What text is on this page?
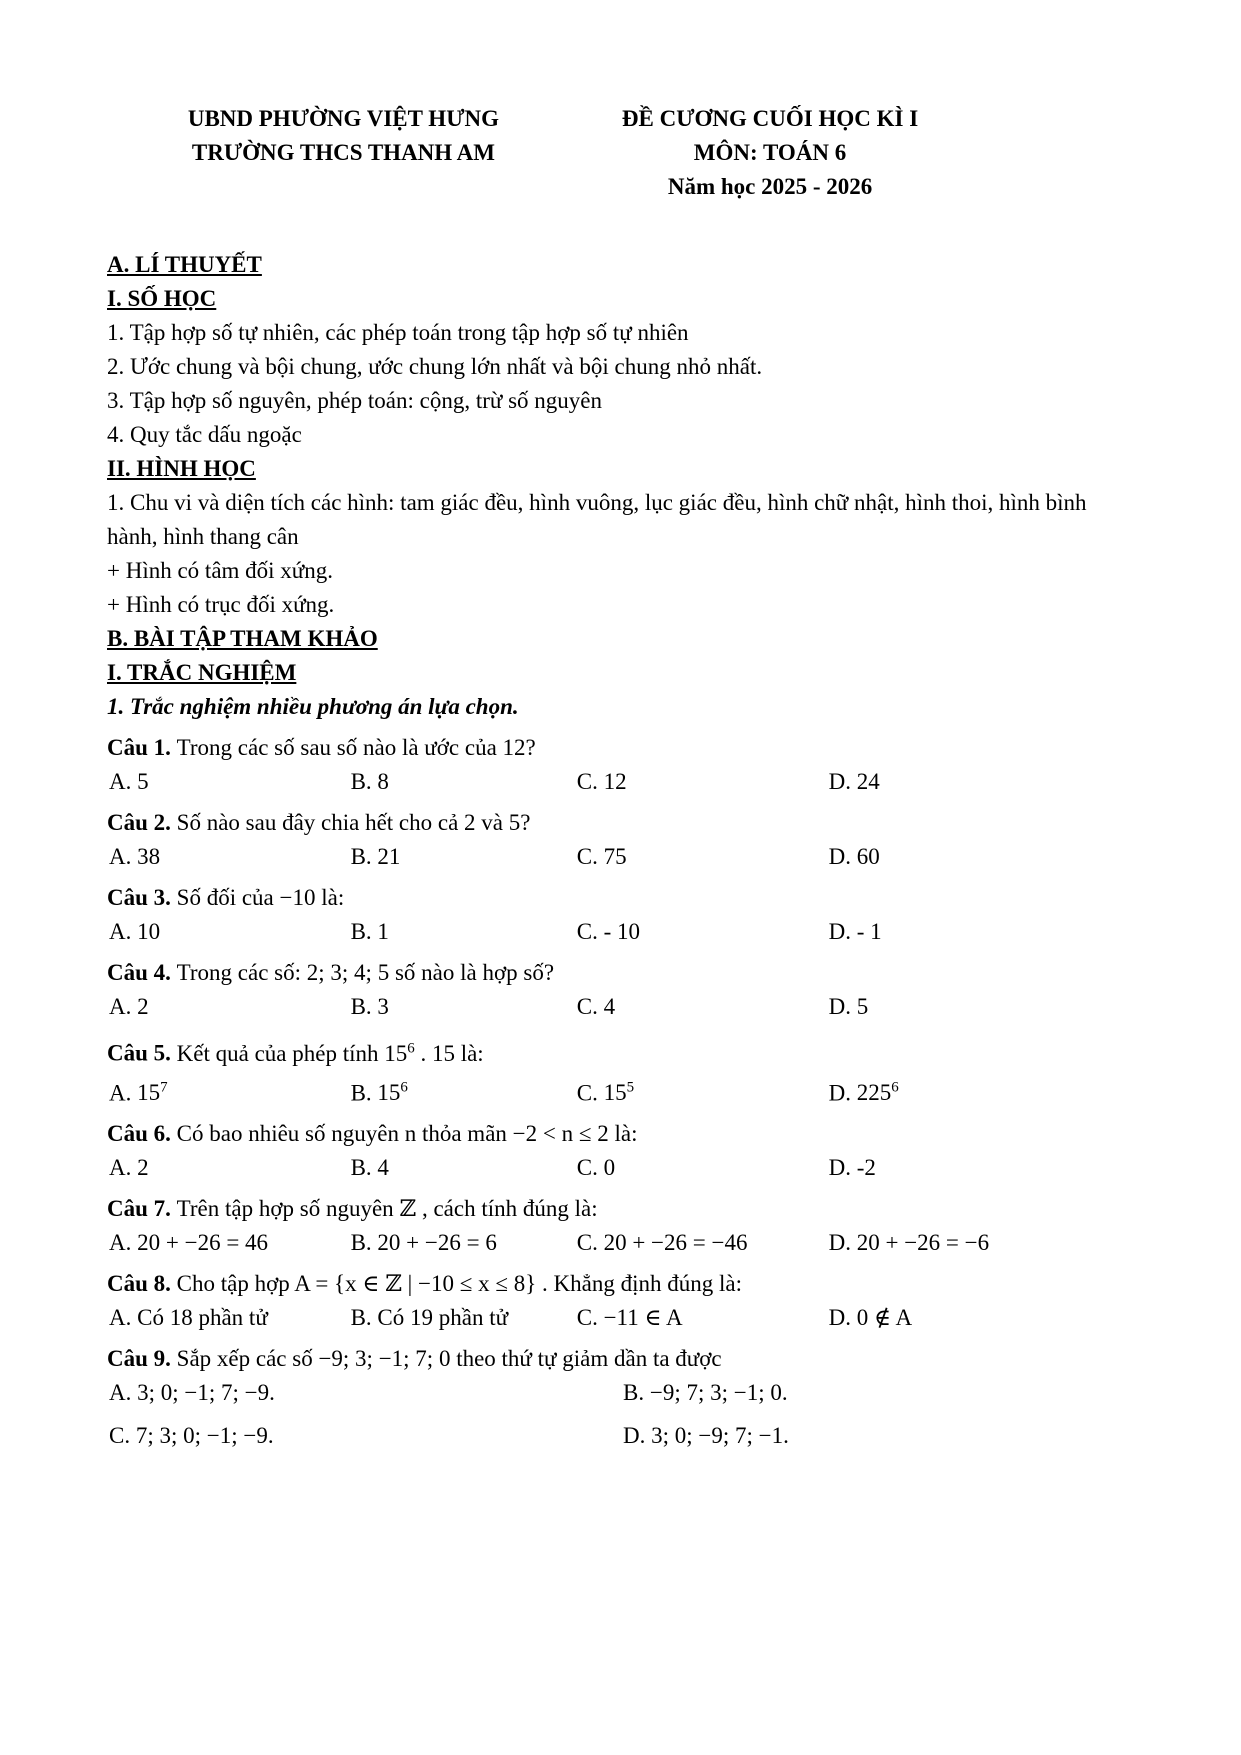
UBND PHƯỜNG VIỆT HƯNG
TRƯỜNG THCS THANH AM
ĐỀ CƯƠNG CUỐI HỌC KÌ I
MÔN: TOÁN 6
Năm học 2025 - 2026
A. LÍ THUYẾT
I. SỐ HỌC
1. Tập hợp số tự nhiên, các phép toán trong tập hợp số tự nhiên
2. Ước chung và bội chung, ước chung lớn nhất và bội chung nhỏ nhất.
3. Tập hợp số nguyên, phép toán: cộng, trừ số nguyên
4. Quy tắc dấu ngoặc
II. HÌNH HỌC
1. Chu vi và diện tích các hình: tam giác đều, hình vuông, lục giác đều, hình chữ nhật, hình thoi, hình bình hành, hình thang cân
+ Hình có tâm đối xứng.
+ Hình có trục đối xứng.
B. BÀI TẬP THAM KHẢO
I. TRẮC NGHIỆM
1. Trắc nghiệm nhiều phương án lựa chọn.
Câu 1. Trong các số sau số nào là ước của 12?
A. 5	B. 8	C. 12	D. 24
Câu 2. Số nào sau đây chia hết cho cả 2 và 5?
A. 38	B. 21	C. 75	D. 60
Câu 3. Số đối của −10 là:
A. 10	B. 1	C. - 10	D. - 1
Câu 4. Trong các số: 2; 3; 4; 5 số nào là hợp số?
A. 2	B. 3	C. 4	D. 5
Câu 5. Kết quả của phép tính $15^6$ . 15 là:
A. $15^7$	B. $15^6$	C. $15^5$	D. $225^6$
Câu 6. Có bao nhiêu số nguyên n thỏa mãn −2 < n ≤ 2 là:
A. 2	B. 4	C. 0	D. -2
Câu 7. Trên tập hợp số nguyên ℤ , cách tính đúng là:
A. 20 + −26 = 46	B. 20 + −26 = 6	C. 20 + −26 = −46	D. 20 + −26 = −6
Câu 8. Cho tập hợp A = {x ∈ ℤ | −10 ≤ x ≤ 8} . Khẳng định đúng là:
A. Có 18 phần tử	B. Có 19 phần tử	C. −11 ∈ A	D. 0 ∉ A
Câu 9. Sắp xếp các số −9; 3; −1; 7; 0 theo thứ tự giảm dần ta được
A. 3; 0; −1; 7; −9.	B. −9; 7; 3; −1; 0.
C. 7; 3; 0; −1; −9.	D. 3; 0; −9; 7; −1.
